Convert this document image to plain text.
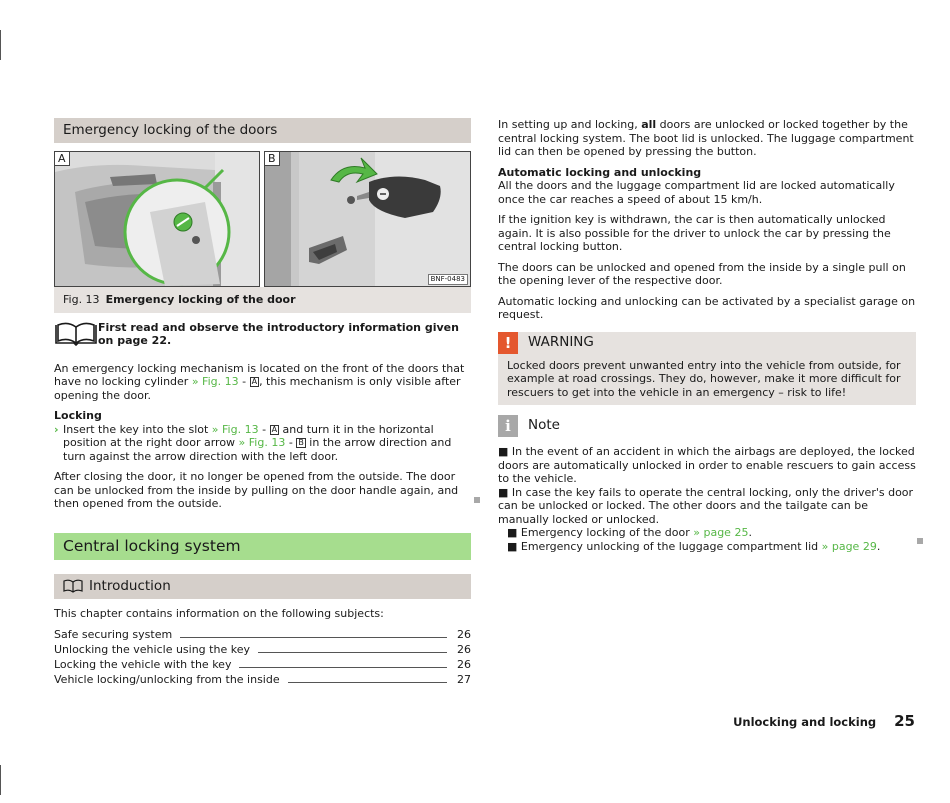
Emergency locking of the doors
A	B
BNF-0483
Fig. 13 Emergency locking of the door
First read and observe the introductory information given on page 22.

An emergency locking mechanism is located on the front of the doors that have no locking cylinder » Fig. 13 - A , this mechanism is only visible after opening the door.

Locking

› Insert the key into the slot » Fig. 13 - A and turn it in the horizontal position at the right door arrow » Fig. 13 - B in the arrow direction and turn against the arrow direction with the left door.

After closing the door, it no longer be opened from the outside. The door can be unlocked from the inside by pulling on the door handle again, and then opened from the outside.

Central locking system
Introduction

This chapter contains information on the following subjects:

Safe securing system	26
Unlocking the vehicle using the key	26
Locking the vehicle with the key	26
Vehicle locking/unlocking from the inside	27

In setting up and locking, all doors are unlocked or locked together by the central locking system. The boot lid is unlocked. The luggage compartment lid can then be opened by pressing the button.

Automatic locking and unlocking

All the doors and the luggage compartment lid are locked automatically once the car reaches a speed of about 15 km/h.

If the ignition key is withdrawn, the car is then automatically unlocked again. It is also possible for the driver to unlock the car by pressing the central locking button.

The doors can be unlocked and opened from the inside by a single pull on the opening lever of the respective door.

Automatic locking and unlocking can be activated by a specialist garage on request.

!	WARNING
Locked doors prevent unwanted entry into the vehicle from outside, for example at road crossings. They do, however, make it more difficult for rescuers to get into the vehicle in an emergency – risk to life!
i	Note

■ In the event of an accident in which the airbags are deployed, the locked doors are automatically unlocked in order to enable rescuers to gain access to the vehicle.

■ In case the key fails to operate the central locking, only the driver's door can be unlocked or locked. The other doors and the tailgate can be manually locked or unlocked.

■ Emergency locking of the door » page 25.

■ Emergency unlocking of the luggage compartment lid » page 29.

Unlocking and locking 25
